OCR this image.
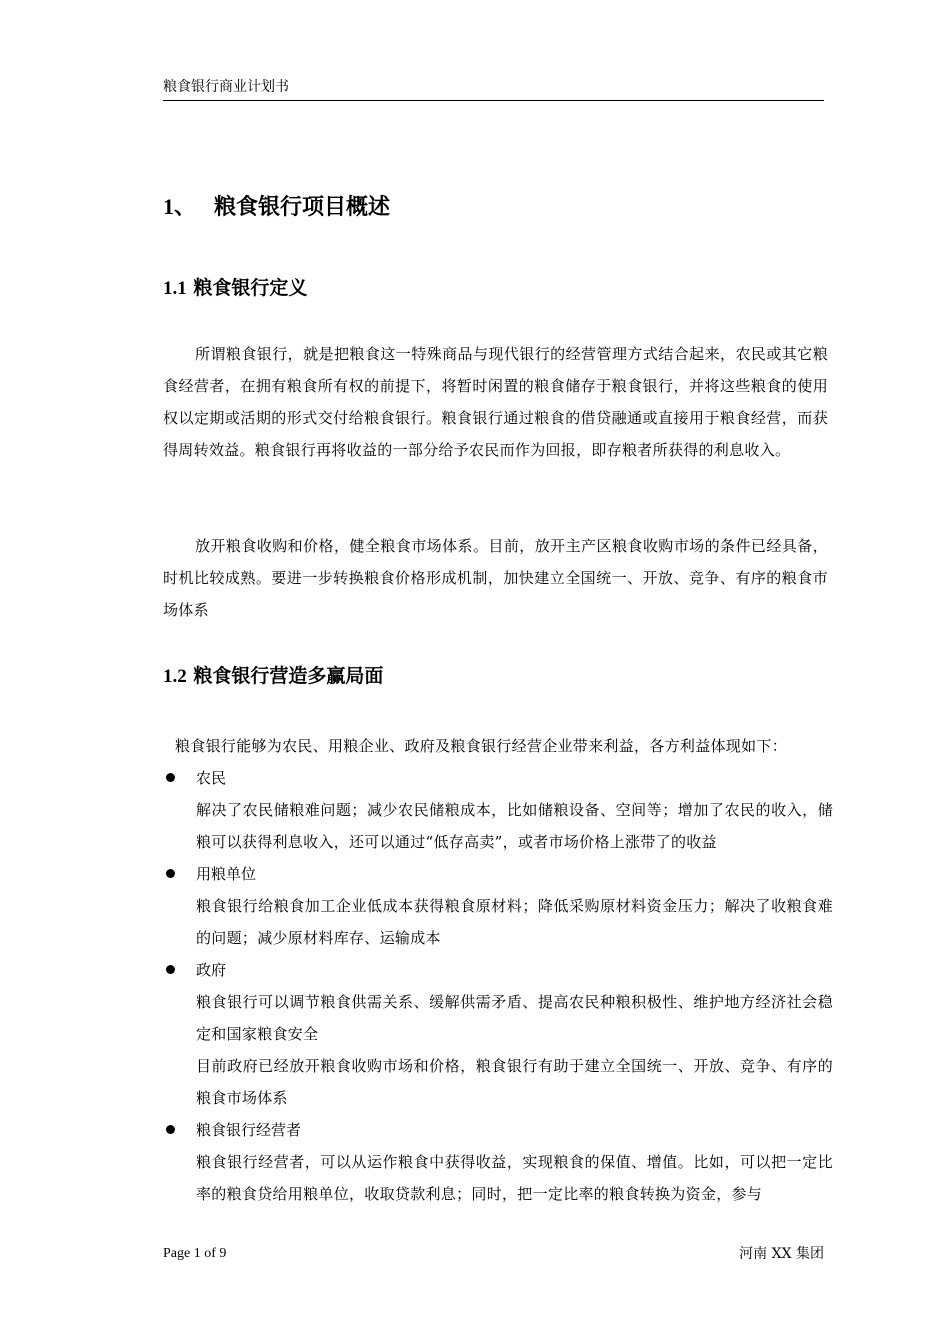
粮食银行商业计划书
1、 粮食银行项目概述
1.1 粮食银行定义
所谓粮食银行，就是把粮食这一特殊商品与现代银行的经营管理方式结合起来，农民或其它粮食经营者，在拥有粮食所有权的前提下，将暂时闲置的粮食储存于粮食银行，并将这些粮食的使用权以定期或活期的形式交付给粮食银行。粮食银行通过粮食的借贷融通或直接用于粮食经营，而获得周转效益。粮食银行再将收益的一部分给予农民而作为回报，即存粮者所获得的利息收入。
放开粮食收购和价格，健全粮食市场体系。目前，放开主产区粮食收购市场的条件已经具备，时机比较成熟。要进一步转换粮食价格形成机制，加快建立全国统一、开放、竞争、有序的粮食市场体系
1.2 粮食银行营造多赢局面
粮食银行能够为农民、用粮企业、政府及粮食银行经营企业带来利益，各方利益体现如下：
农民
解决了农民储粮难问题；减少农民储粮成本，比如储粮设备、空间等；增加了农民的收入，储粮可以获得利息收入，还可以通过“低存高卖”，或者市场价格上涨带了的收益
用粮单位
粮食银行给粮食加工企业低成本获得粮食原材料；降低采购原材料资金压力；解决了收粮食难的问题；减少原材料库存、运输成本
政府
粮食银行可以调节粮食供需关系、缓解供需矛盾、提高农民种粮积极性、维护地方经济社会稳定和国家粮食安全
目前政府已经放开粮食收购市场和价格，粮食银行有助于建立全国统一、开放、竞争、有序的粮食市场体系
粮食银行经营者
粮食银行经营者，可以从运作粮食中获得收益，实现粮食的保值、增值。比如，可以把一定比率的粮食贷给用粮单位，收取贷款利息；同时，把一定比率的粮食转换为资金，参与
Page 1 of 9	河南 XX 集团
